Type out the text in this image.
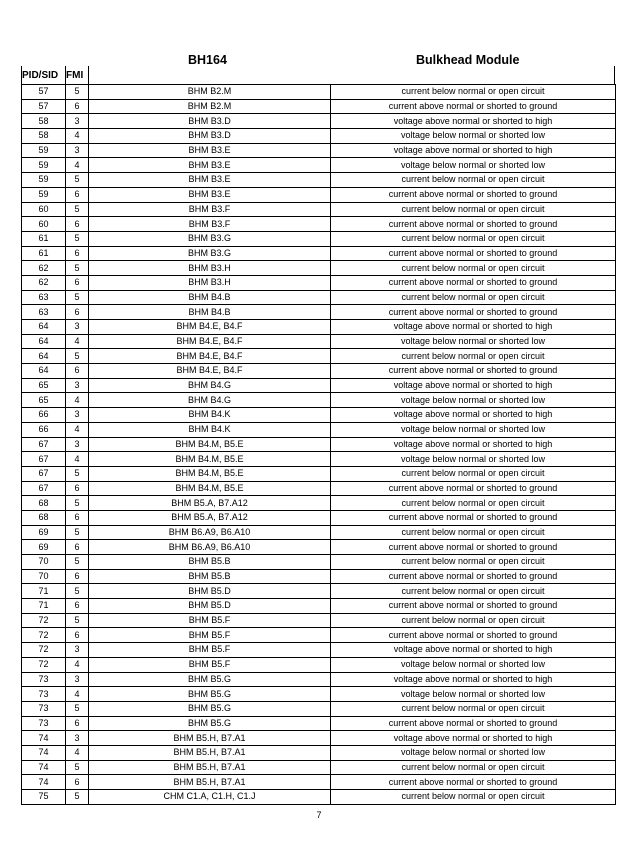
BH164	Bulkhead Module
PID/SID FMI
57	5	BHM B2.M	current below normal or open circuit
57	6	BHM B2.M	current above normal or shorted to ground
58	3	BHM B3.D	voltage above normal or shorted to high
58	4	BHM B3.D	voltage below normal or shorted low
59	3	BHM B3.E	voltage above normal or shorted to high
59	4	BHM B3.E	voltage below normal or shorted low
59	5	BHM B3.E	current below normal or open circuit
59	6	BHM B3.E	current above normal or shorted to ground
60	5	BHM B3.F	current below normal or open circuit
60	6	BHM B3.F	current above normal or shorted to ground
61	5	BHM B3.G	current below normal or open circuit
61	6	BHM B3.G	current above normal or shorted to ground
62	5	BHM B3.H	current below normal or open circuit
62	6	BHM B3.H	current above normal or shorted to ground
63	5	BHM B4.B	current below normal or open circuit
63	6	BHM B4.B	current above normal or shorted to ground
64	3	BHM B4.E, B4.F	voltage above normal or shorted to high
64	4	BHM B4.E, B4.F	voltage below normal or shorted low
64	5	BHM B4.E, B4.F	current below normal or open circuit
64	6	BHM B4.E, B4.F	current above normal or shorted to ground
65	3	BHM B4.G	voltage above normal or shorted to high
65	4	BHM B4.G	voltage below normal or shorted low
66	3	BHM B4.K	voltage above normal or shorted to high
66	4	BHM B4.K	voltage below normal or shorted low
67	3	BHM B4.M, B5.E	voltage above normal or shorted to high
67	4	BHM B4.M, B5.E	voltage below normal or shorted low
67	5	BHM B4.M, B5.E	current below normal or open circuit
67	6	BHM B4.M, B5.E	current above normal or shorted to ground
68	5	BHM B5.A, B7.A12	current below normal or open circuit
68	6	BHM B5.A, B7.A12	current above normal or shorted to ground
69	5	BHM B6.A9, B6.A10	current below normal or open circuit
69	6	BHM B6.A9, B6.A10	current above normal or shorted to ground
70	5	BHM B5.B	current below normal or open circuit
70	6	BHM B5.B	current above normal or shorted to ground
71	5	BHM B5.D	current below normal or open circuit
71	6	BHM B5.D	current above normal or shorted to ground
72	5	BHM B5.F	current below normal or open circuit
72	6	BHM B5.F	current above normal or shorted to ground
72	3	BHM B5.F	voltage above normal or shorted to high
72	4	BHM B5.F	voltage below normal or shorted low
73	3	BHM B5.G	voltage above normal or shorted to high
73	4	BHM B5.G	voltage below normal or shorted low
73	5	BHM B5.G	current below normal or open circuit
73	6	BHM B5.G	current above normal or shorted to ground
74	3	BHM B5.H, B7.A1	voltage above normal or shorted to high
74	4	BHM B5.H, B7.A1	voltage below normal or shorted low
74	5	BHM B5.H, B7.A1	current below normal or open circuit
74	6	BHM B5.H, B7.A1	current above normal or shorted to ground
75	5	CHM C1.A, C1.H, C1.J	current below normal or open circuit
7
